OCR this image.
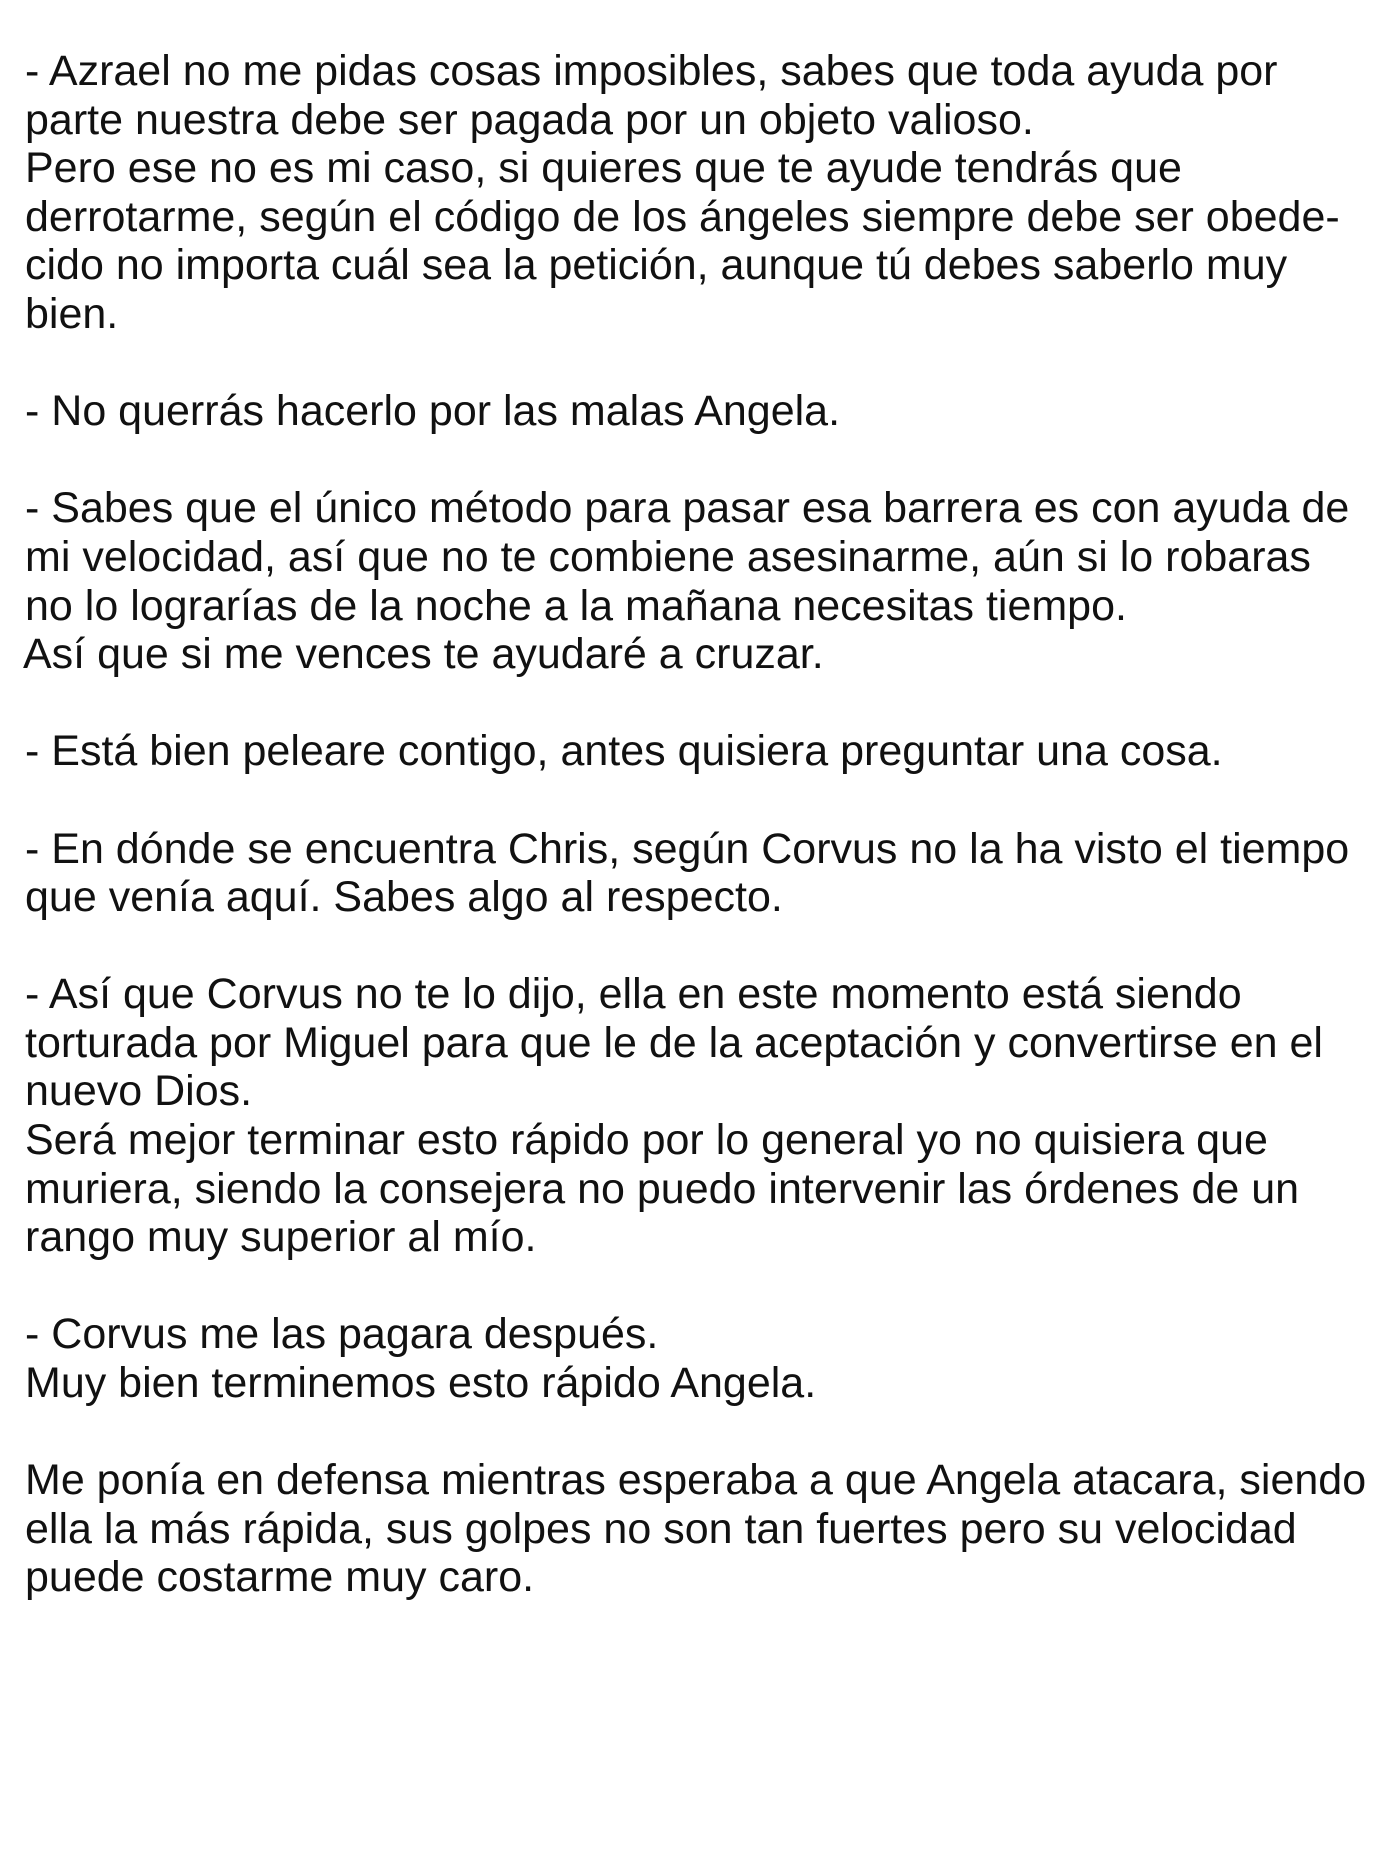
- Azrael no me pidas cosas imposibles, sabes que toda ayuda por
parte nuestra debe ser pagada por un objeto valioso.
Pero ese no es mi caso, si quieres que te ayude tendrás que
derrotarme, según el código de los ángeles siempre debe ser obede-
cido no importa cuál sea la petición, aunque tú debes saberlo muy
bien.

- No querrás hacerlo por las malas Angela.

- Sabes que el único método para pasar esa barrera es con ayuda de
mi velocidad, así que no te combiene asesinarme, aún si lo robaras
no lo lograrías de la noche a la mañana necesitas tiempo.
Así que si me vences te ayudaré a cruzar.

- Está bien peleare contigo, antes quisiera preguntar una cosa.

- En dónde se encuentra Chris, según Corvus no la ha visto el tiempo
que venía aquí. Sabes algo al respecto.

- Así que Corvus no te lo dijo, ella en este momento está siendo
torturada por Miguel para que le de la aceptación y convertirse en el
nuevo Dios.
Será mejor terminar esto rápido por lo general yo no quisiera que
muriera, siendo la consejera no puedo intervenir las órdenes de un
rango muy superior al mío.

- Corvus me las pagara después.
Muy bien terminemos esto rápido Angela.

Me ponía en defensa mientras esperaba a que Angela atacara, siendo
ella la más rápida, sus golpes no son tan fuertes pero su velocidad
puede costarme muy caro.
